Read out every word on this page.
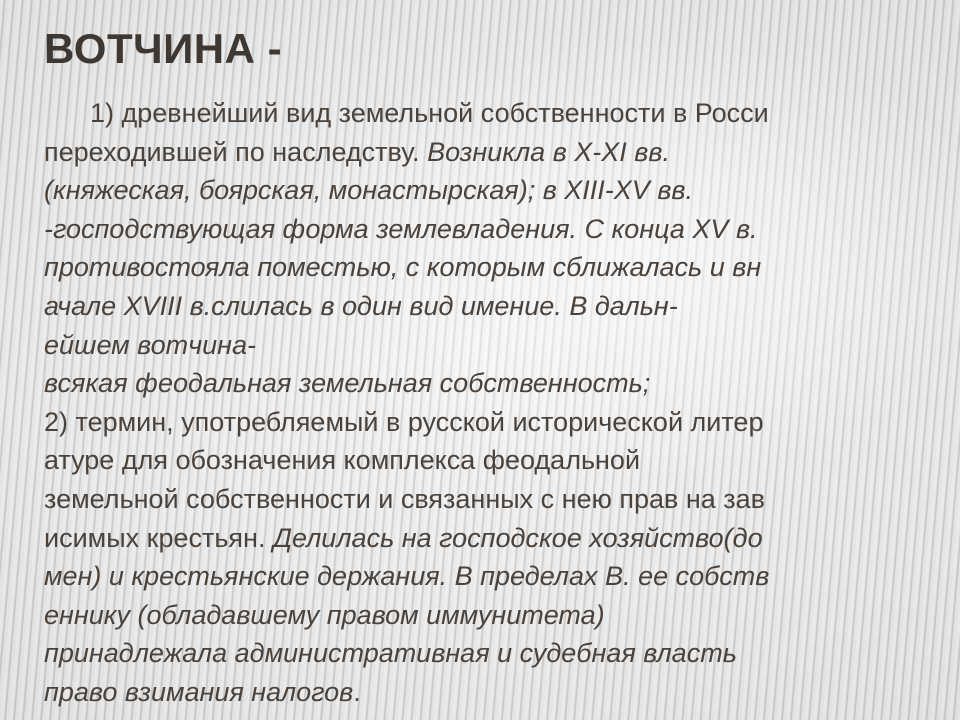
ВОТЧИНА -
1) древнейший вид земельной собственности в Росси
переходившей по наследству. Возникла в X-XI вв.
(княжеская, боярская, монастырская); в XIII-XV вв.
-господствующая форма землевладения. С конца XV в.
противостояла поместью, с которым сближалась и вн
ачале XVIII в.слилась в один вид имение. В дальн-
ейшем вотчина-
всякая феодальная земельная собственность;
2) термин, употребляемый в русской исторической литер
атуре для обозначения комплекса феодальной
земельной собственности и связанных с нею прав на зав
исимых крестьян. Делилась на господское хозяйство(до
мен) и крестьянские держания. В пределах В. ее собств
еннику (обладавшему правом иммунитета)
принадлежала административная и судебная власть
право взимания налогов.
